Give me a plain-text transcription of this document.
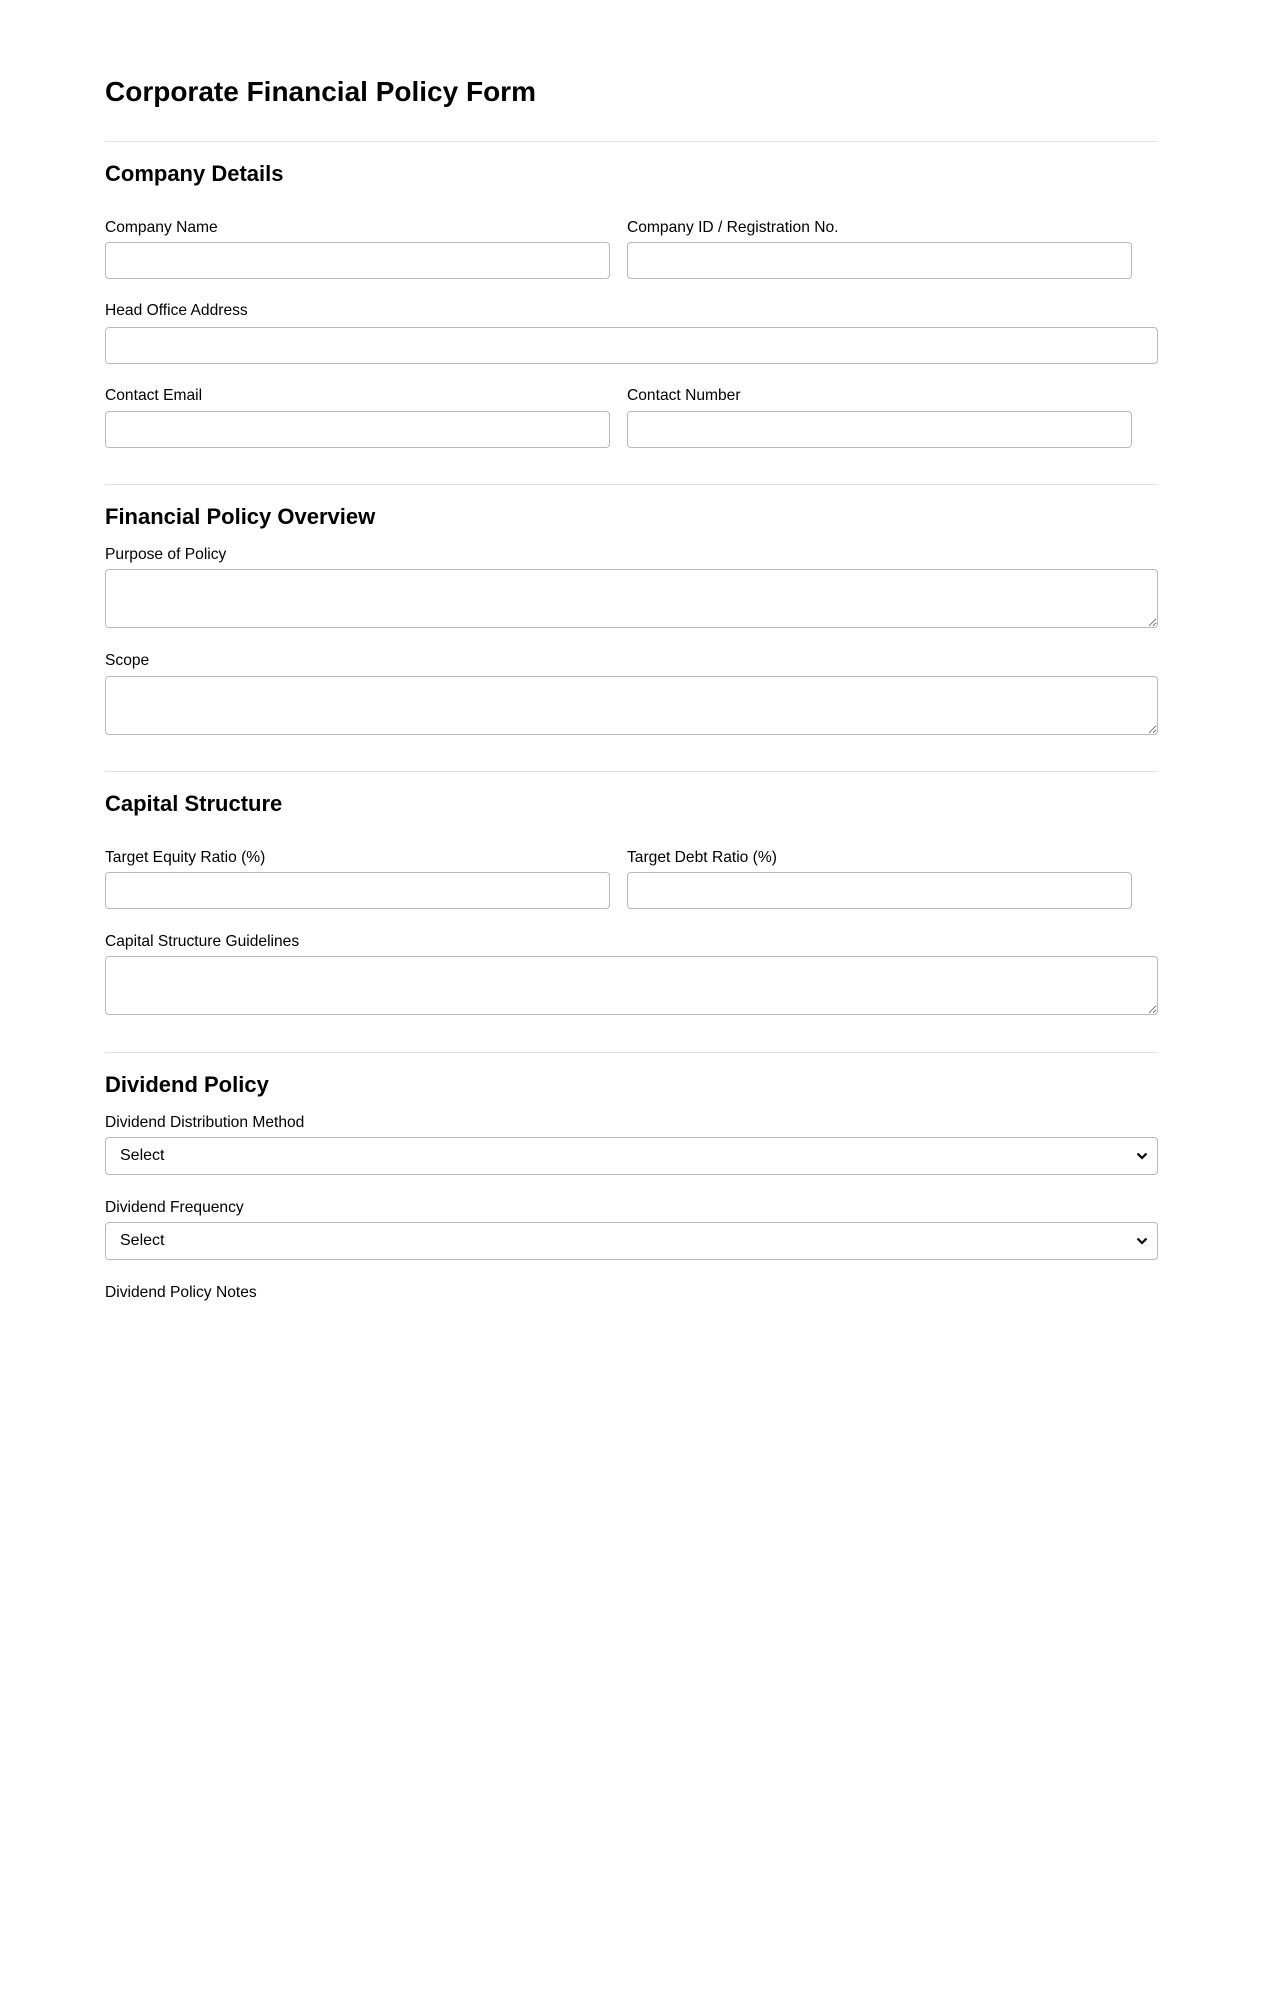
Corporate Financial Policy Form
Company Details
Company Name	Company ID / Registration No.
Head Office Address
Contact Email	Contact Number
Financial Policy Overview
Purpose of Policy
Scope
Capital Structure
Target Equity Ratio (%)	Target Debt Ratio (%)
Capital Structure Guidelines
Dividend Policy
Dividend Distribution Method
Select
Dividend Frequency
Select
Dividend Policy Notes
